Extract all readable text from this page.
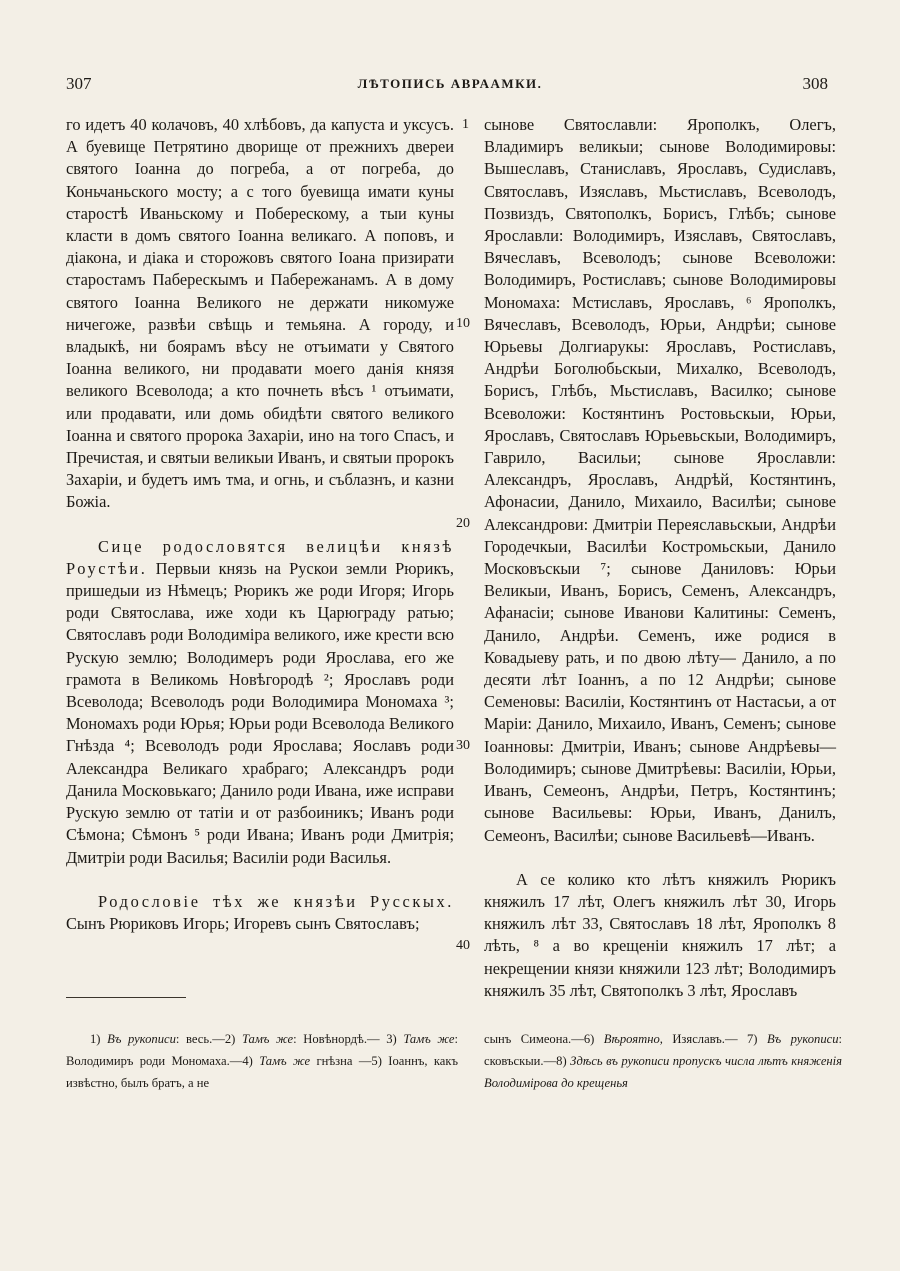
307	ЛѢТОПИСЬ АВРААМКИ.	308
1
10
20
30
40

го идетъ 40 колачовъ, 40 хлѣбовъ, да капуста и уксусъ. А буевище Петрятино дворище от прежнихъ двереи святого Іоанна до погреба, а от погреба, до Коньчаньского мосту; а с того буевища имати куны старостѣ Иваньскому и Побереcкому, а тыи куны класти в домъ святого Іоанна великаго. А поповъ, и діакона, и діака и сторожовъ святого Іоана призирати старостамъ Пабереcкымъ и Пабережанамъ. А в дому святого Іоанна Великого не держати никомуже ничегоже, развѣи свѣщь и темьяна. А городу, и владыкѣ, ни боярамъ вѣсу не отъимати у Святого Іоанна великого, ни продавати моего данія князя великого Всеволода; а кто почнеть вѣсъ ¹ отъимати, или продавати, или домь обидѣти святого великого Іоанна и святого пророка Захаріи, ино на того Спасъ, и Пречистая, и святыи великыи Иванъ, и святыи пророкъ Захаріи, и будетъ имъ тма, и огнь, и съблазнъ, и казни Божіа.

Сице родословятся велицѣи князѣ Роустѣи. Первыи князь на Рускои земли Рюрикъ, пришедыи из Нѣмецъ; Рюрикъ же роди Игоря; Игорь роди Святослава, иже ходи къ Царюграду ратью; Святославъ роди Володиміра великого, иже крести всю Рускую землю; Володимеръ роди Ярослава, его же грамота в Великомь Новѣгородѣ ²; Ярославъ роди Всеволода; Всеволодъ роди Володимира Мономаха ³; Мономахъ роди Юрья; Юрьи роди Всеволода Великого Гнѣзда ⁴; Всеволодъ роди Ярослава; Яославъ роди Александра Великаго храбраго; Александръ роди Данила Московькаго; Данило роди Ивана, иже исправи Рускую землю от татіи и от разбоиникъ; Иванъ роди Сѣмона; Сѣмонъ ⁵ роди Ивана; Иванъ роди Дмитрія; Дмитріи роди Василья; Василіи роди Василья.

Родословіе тѣх же князѣи Русскых. Сынъ Рюриковъ Игорь; Игоревъ сынъ Святославъ;

сынове Святославли: Ярополкъ, Олегъ, Владимиръ великыи; сынове Володимировы: Вышеславъ, Станиславъ, Ярославъ, Судиславъ, Святославъ, Изяславъ, Мьстиславъ, Всеволодъ, Позвиздъ, Святополкъ, Борисъ, Глѣбъ; сынове Ярославли: Володимиръ, Изяславъ, Святославъ, Вячеславъ, Всеволодъ; сынове Всеволожи: Володимиръ, Ростиславъ; сынове Володимировы Мономаха: Мстиславъ, Ярославъ, ⁶ Ярополкъ, Вячеславъ, Всеволодъ, Юрьи, Андрѣи; сынове Юрьевы Долгиарукы: Ярославъ, Ростиславъ, Андрѣи Боголюбьскыи, Михалко, Всеволодъ, Борисъ, Глѣбъ, Мьстиславъ, Василко; сынове Всеволожи: Костянтинъ Ростовьскыи, Юрьи, Ярославъ, Святославъ Юрьевьскыи, Володимиръ, Гаврило, Васильи; сынове Ярославли: Александръ, Ярославъ, Андрѣй, Костянтинъ, Афонасии, Данило, Михаило, Василѣи; сынове Александрови: Дмитріи Переяславьскыи, Андрѣи Городечкыи, Василѣи Костромьскыи, Данило Московъскыи ⁷; сынове Даниловъ: Юрьи Великыи, Иванъ, Борисъ, Семенъ, Александръ, Афанасіи; сынове Иванови Калитины: Семенъ, Данило, Андрѣи. Семенъ, иже родися в Ковадыеву рать, и по двою лѣту— Данило, а по десяти лѣт Іоаннъ, а по 12 Андрѣи; сынове Семеновы: Василіи, Костянтинъ от Настасьи, а от Маріи: Данило, Михаило, Иванъ, Семенъ; сынове Іоанновы: Дмитріи, Иванъ; сынове Андрѣевы—Володимиръ; сынове Дмитрѣевы: Василіи, Юрьи, Иванъ, Семеонъ, Андрѣи, Петръ, Костянтинъ; сынове Васильевы: Юрьи, Иванъ, Данилъ, Семеонъ, Василѣи; сынове Васильевѣ—Иванъ.

А се колико кто лѣтъ княжилъ Рюрикъ княжилъ 17 лѣт, Олегъ княжилъ лѣт 30, Игорь княжилъ лѣт 33, Святославъ 18 лѣт, Ярополкъ 8 лѣть, ⁸ а во крещеніи княжилъ 17 лѣт; а некрещении князи княжили 123 лѣт; Володимиръ княжилъ 35 лѣт, Святополкъ 3 лѣт, Ярославъ

1) Въ рукописи: весь.—2) Тамъ же: Новѣнордѣ.— 3) Тамъ же: Володимиръ роди Мономаха.—4) Тамъ же гнѣзна —5) Іоаннъ, какъ извѣстно, былъ братъ, а не

сынъ Симеона.—6) Вѣроятно, Изяславъ.— 7) Въ рукописи: сковъскыи.—8) Здѣсь въ рукописи пропускъ числа лѣтъ княженія Володимірова до крещенья
